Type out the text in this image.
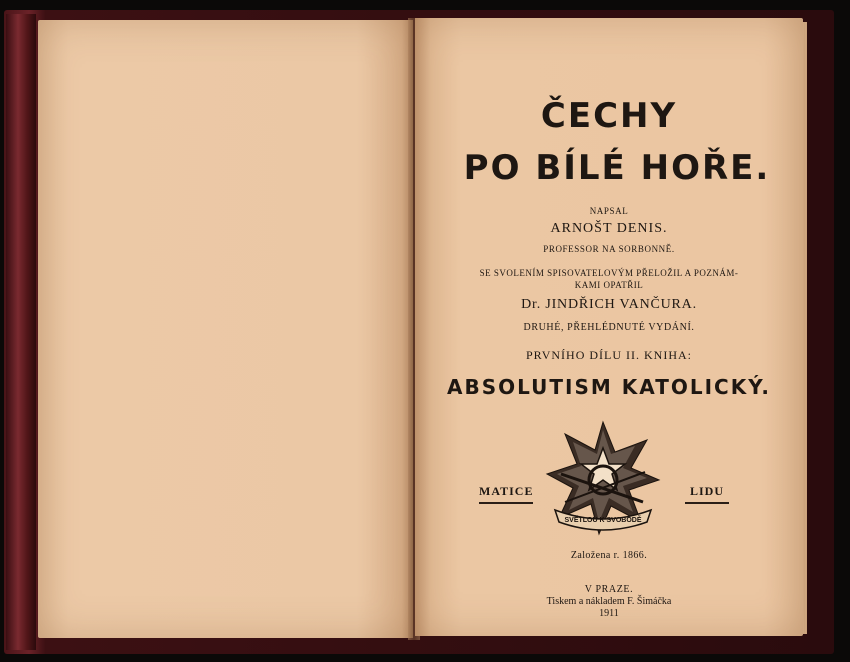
ČECHY
PO BÍLÉ HOŘE.
NAPSAL
ARNOŠT DENIS.
PROFESSOR NA SORBONNĚ.
SE SVOLENÍM SPISOVATELOVÝM PŘELOŽIL A POZNÁM-
KAMI OPATŘIL
Dr. JINDŘICH VANČURA.
DRUHÉ, PŘEHLÉDNUTÉ VYDÁNÍ.
PRVNÍHO DÍLU II. KNIHA:
ABSOLUTISM KATOLICKÝ.
MATICE	LIDU
SVĚTLOU K SVOBODĚ
Založena r. 1866.
V PRAZE.
Tiskem a nákladem F. Šimáčka
1911
